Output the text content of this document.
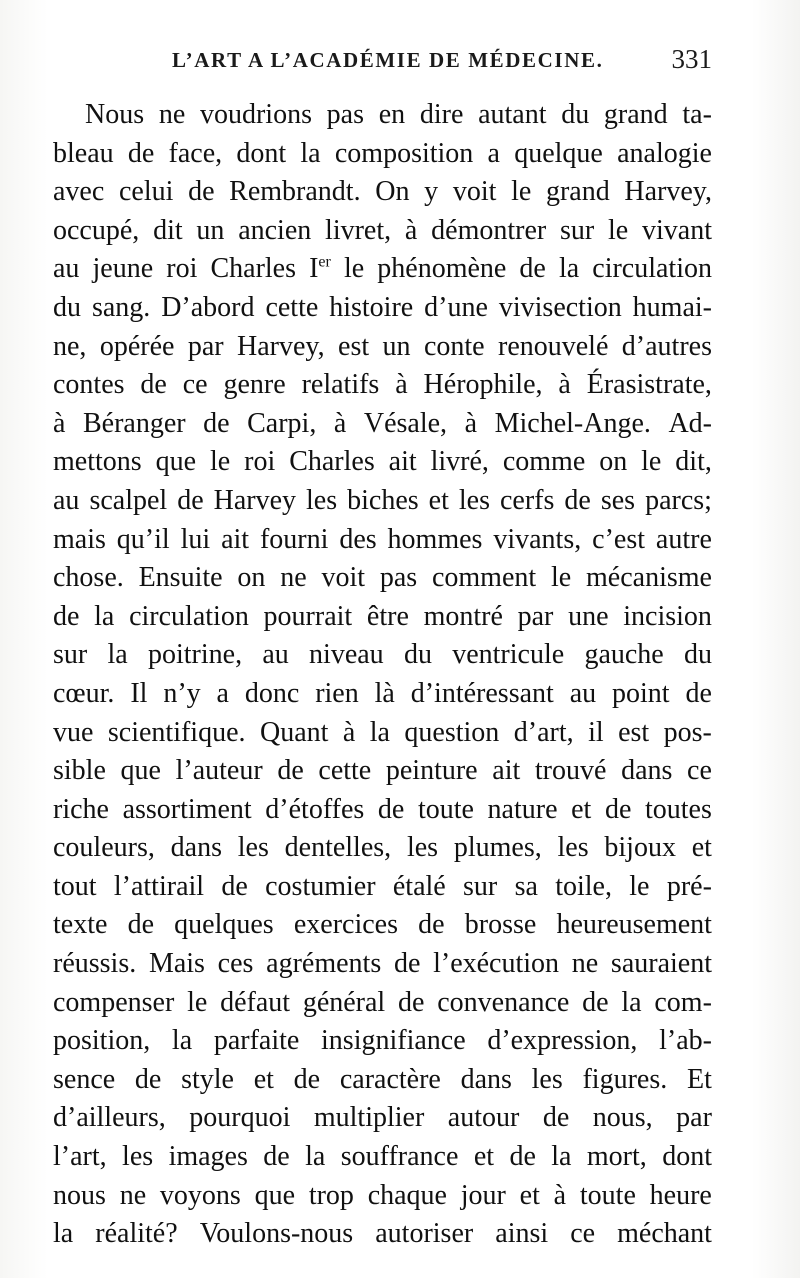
L’ART A L’ACADÉMIE DE MÉDECINE.	331
Nous ne voudrions pas en dire autant du grand ta-
bleau de face, dont la composition a quelque analogie
avec celui de Rembrandt. On y voit le grand Harvey,
occupé, dit un ancien livret, à démontrer sur le vivant
au jeune roi Charles Ier le phénomène de la circulation
du sang. D’abord cette histoire d’une vivisection humai-
ne, opérée par Harvey, est un conte renouvelé d’autres
contes de ce genre relatifs à Hérophile, à Érasistrate,
à Béranger de Carpi, à Vésale, à Michel-Ange. Ad-
mettons que le roi Charles ait livré, comme on le dit,
au scalpel de Harvey les biches et les cerfs de ses parcs;
mais qu’il lui ait fourni des hommes vivants, c’est autre
chose. Ensuite on ne voit pas comment le mécanisme
de la circulation pourrait être montré par une incision
sur la poitrine, au niveau du ventricule gauche du
cœur. Il n’y a donc rien là d’intéressant au point de
vue scientifique. Quant à la question d’art, il est pos-
sible que l’auteur de cette peinture ait trouvé dans ce
riche assortiment d’étoffes de toute nature et de toutes
couleurs, dans les dentelles, les plumes, les bijoux et
tout l’attirail de costumier étalé sur sa toile, le pré-
texte de quelques exercices de brosse heureusement
réussis. Mais ces agréments de l’exécution ne sauraient
compenser le défaut général de convenance de la com-
position, la parfaite insignifiance d’expression, l’ab-
sence de style et de caractère dans les figures. Et
d’ailleurs, pourquoi multiplier autour de nous, par
l’art, les images de la souffrance et de la mort, dont
nous ne voyons que trop chaque jour et à toute heure
la réalité? Voulons-nous autoriser ainsi ce méchant
